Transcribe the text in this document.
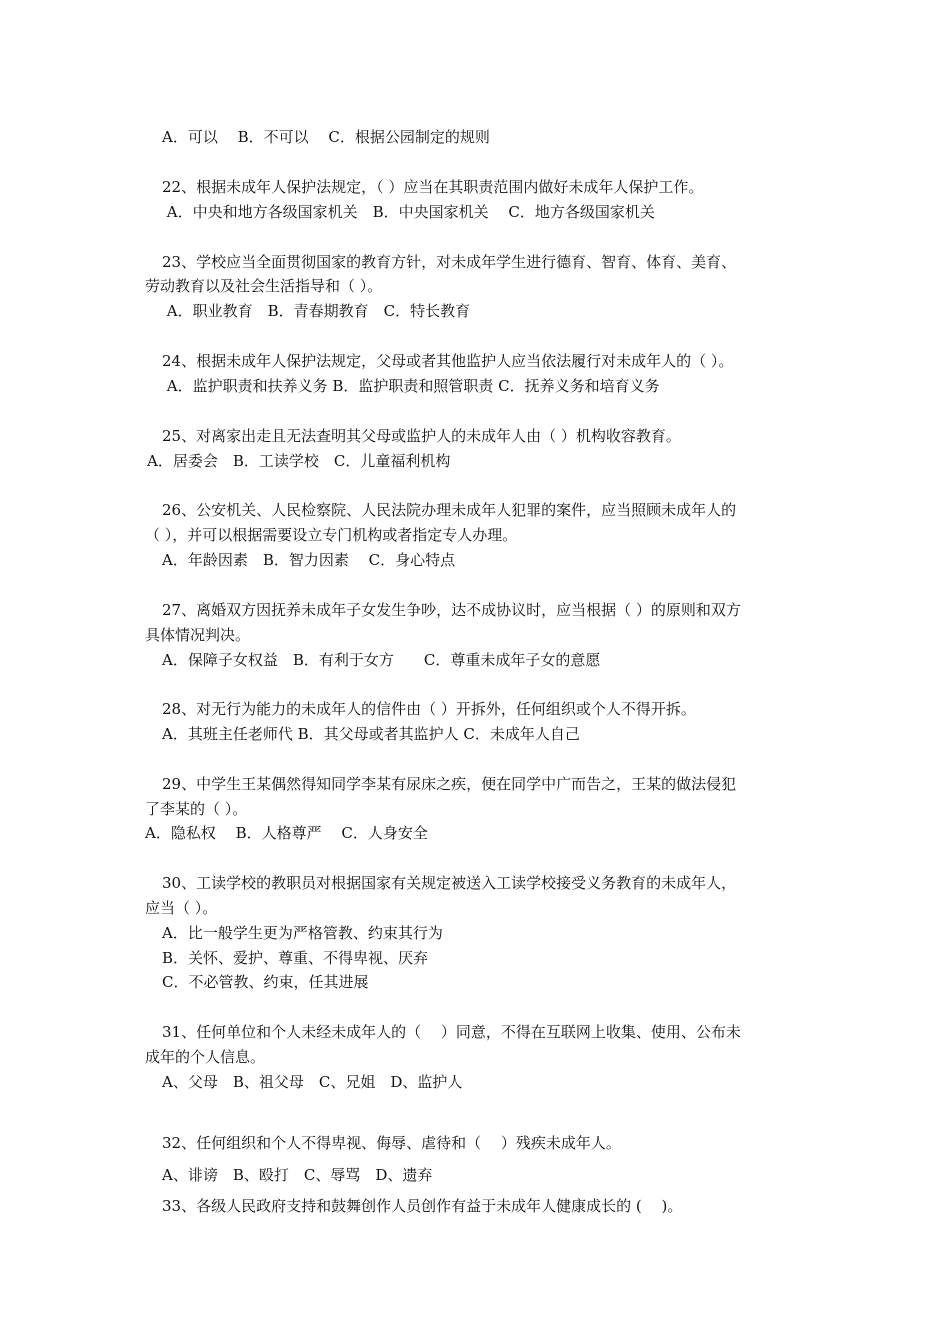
A．可以　 B．不可以　 C．根据公园制定的规则
22、根据未成年人保护法规定，（ ）应当在其职责范围内做好未成年人保护工作。
A．中央和地方各级国家机关　B．中央国家机关　 C．地方各级国家机关
23、学校应当全面贯彻国家的教育方针，对未成年学生进行德育、智育、体育、美育、
劳动教育以及社会生活指导和（ ）。
A．职业教育　B．青春期教育　C．特长教育
24、根据未成年人保护法规定，父母或者其他监护人应当依法履行对未成年人的（ ）。
A．监护职责和扶养义务 B．监护职责和照管职责 C．抚养义务和培育义务
25、对离家出走且无法查明其父母或监护人的未成年人由（ ）机构收容教育。
A．居委会　B．工读学校　C．儿童福利机构
26、公安机关、人民检察院、人民法院办理未成年人犯罪的案件，应当照顾未成年人的
（ ），并可以根据需要设立专门机构或者指定专人办理。
A．年龄因素　B．智力因素　 C．身心特点
27、离婚双方因抚养未成年子女发生争吵，达不成协议时，应当根据（ ）的原则和双方
具体情况判决。
A．保障子女权益　B．有利于女方　　C．尊重未成年子女的意愿
28、对无行为能力的未成年人的信件由（ ）开拆外，任何组织或个人不得开拆。
A．其班主任老师代 B．其父母或者其监护人 C．未成年人自己
29、中学生王某偶然得知同学李某有尿床之疾，便在同学中广而告之，王某的做法侵犯
了李某的（ ）。
A．隐私权　 B．人格尊严　 C．人身安全
30、工读学校的教职员对根据国家有关规定被送入工读学校接受义务教育的未成年人，
应当（ ）。
A．比一般学生更为严格管教、约束其行为
B．关怀、爱护、尊重、不得卑视、厌弃
C．不必管教、约束，任其进展
31、任何单位和个人未经未成年人的（　 ）同意，不得在互联网上收集、使用、公布未
成年的个人信息。
A、父母　B、祖父母　C、兄姐　D、监护人
32、任何组织和个人不得卑视、侮辱、虐待和（　 ）残疾未成年人。
A、诽谤　B、殴打　C、辱骂　D、遗弃
33、各级人民政府支持和鼓舞创作人员创作有益于未成年人健康成长的 (　 )。
